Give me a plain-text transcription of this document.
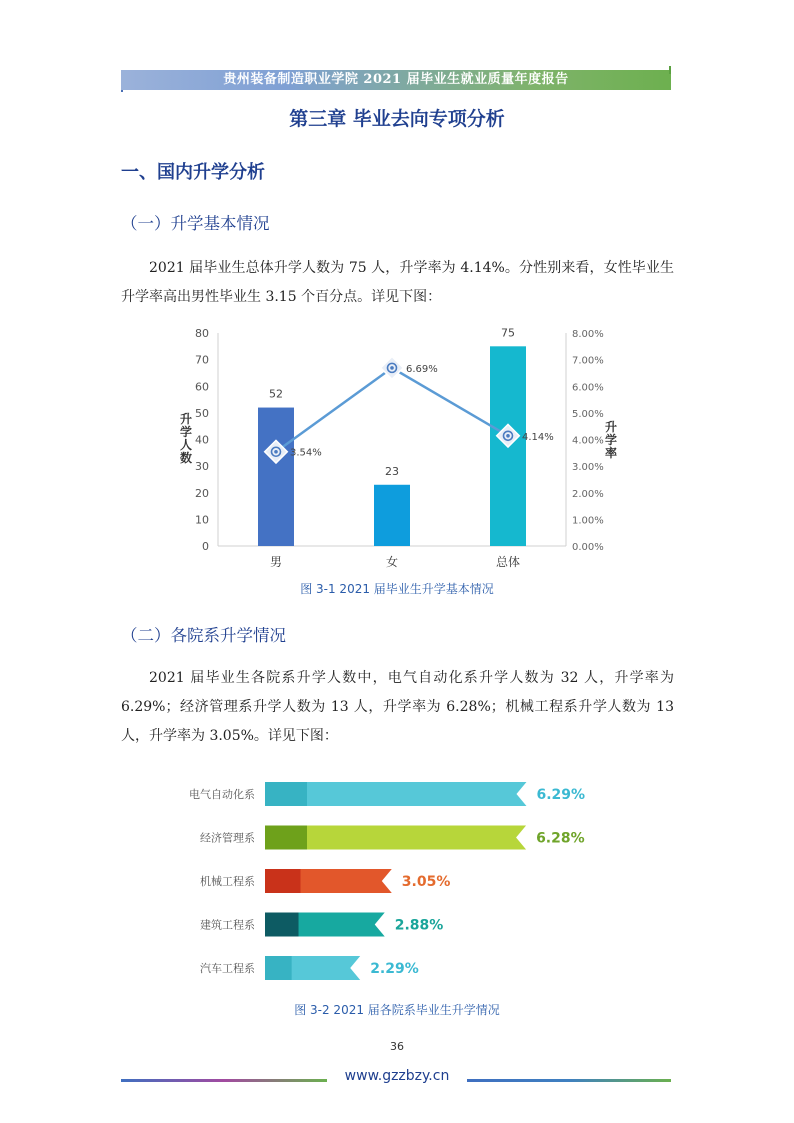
贵州装备制造职业学院 2021 届毕业生就业质量年度报告
第三章 毕业去向专项分析
一、国内升学分析
（一）升学基本情况
2021 届毕业生总体升学人数为 75 人，升学率为 4.14%。分性别来看，女性毕业生升学率高出男性毕业生 3.15 个百分点。详见下图：
0
10
20
30
40
50
60
70
80
0.00%
1.00%
2.00%
3.00%
4.00%
5.00%
6.00%
7.00%
8.00%
升学人数
升学率
52
男
23
女
75
总体
3.54%
6.69%
4.14%
图 3-1 2021 届毕业生升学基本情况
（二）各院系升学情况
2021 届毕业生各院系升学人数中，电气自动化系升学人数为 32 人，升学率为 6.29%；经济管理系升学人数为 13 人，升学率为 6.28%；机械工程系升学人数为 13 人，升学率为 3.05%。详见下图：
电气自动化系	6.29%
经济管理系	6.28%
机械工程系	3.05%
建筑工程系	2.88%
汽车工程系	2.29%
图 3-2 2021 届各院系毕业生升学情况
36
www.gzzbzy.cn
